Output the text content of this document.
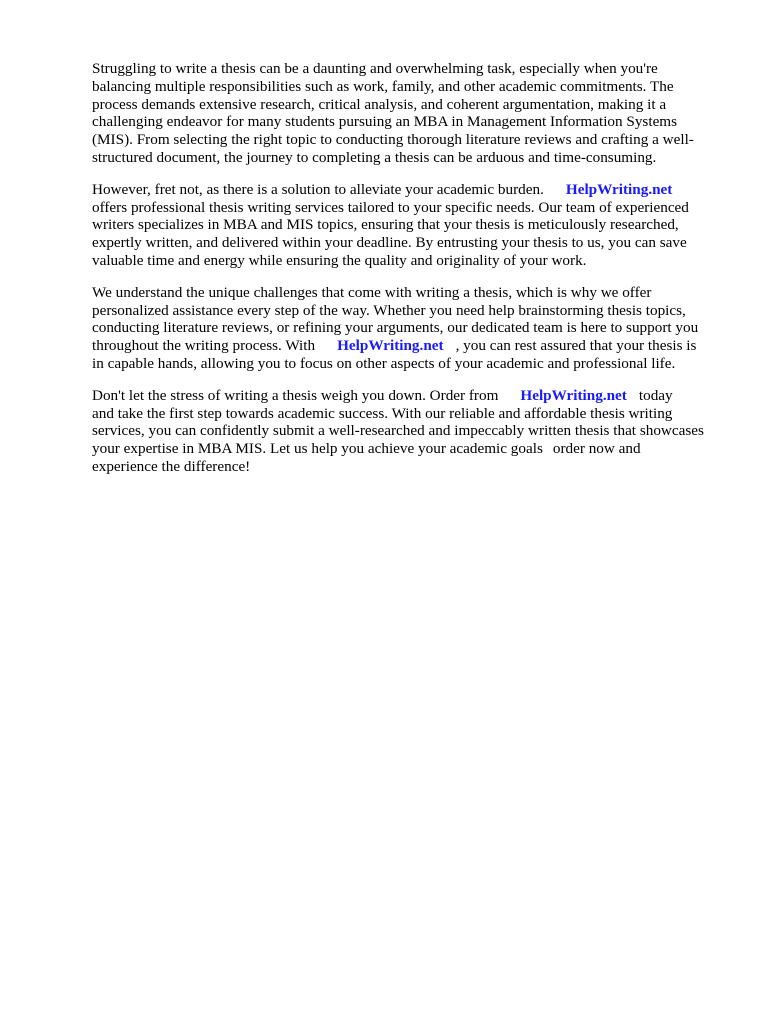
Struggling to write a thesis can be a daunting and overwhelming task, especially when you're
balancing multiple responsibilities such as work, family, and other academic commitments. The
process demands extensive research, critical analysis, and coherent argumentation, making it a
challenging endeavor for many students pursuing an MBA in Management Information Systems
(MIS). From selecting the right topic to conducting thorough literature reviews and crafting a well-
structured document, the journey to completing a thesis can be arduous and time-consuming.

However, fret not, as there is a solution to alleviate your academic burden. HelpWriting.net
offers professional thesis writing services tailored to your specific needs. Our team of experienced
writers specializes in MBA and MIS topics, ensuring that your thesis is meticulously researched,
expertly written, and delivered within your deadline. By entrusting your thesis to us, you can save
valuable time and energy while ensuring the quality and originality of your work.

We understand the unique challenges that come with writing a thesis, which is why we offer
personalized assistance every step of the way. Whether you need help brainstorming thesis topics,
conducting literature reviews, or refining your arguments, our dedicated team is here to support you
throughout the writing process. With HelpWriting.net , you can rest assured that your thesis is
in capable hands, allowing you to focus on other aspects of your academic and professional life.

Don't let the stress of writing a thesis weigh you down. Order from HelpWriting.net today
and take the first step towards academic success. With our reliable and affordable thesis writing
services, you can confidently submit a well-researched and impeccably written thesis that showcases
your expertise in MBA MIS. Let us help you achieve your academic goals order now and
experience the difference!
